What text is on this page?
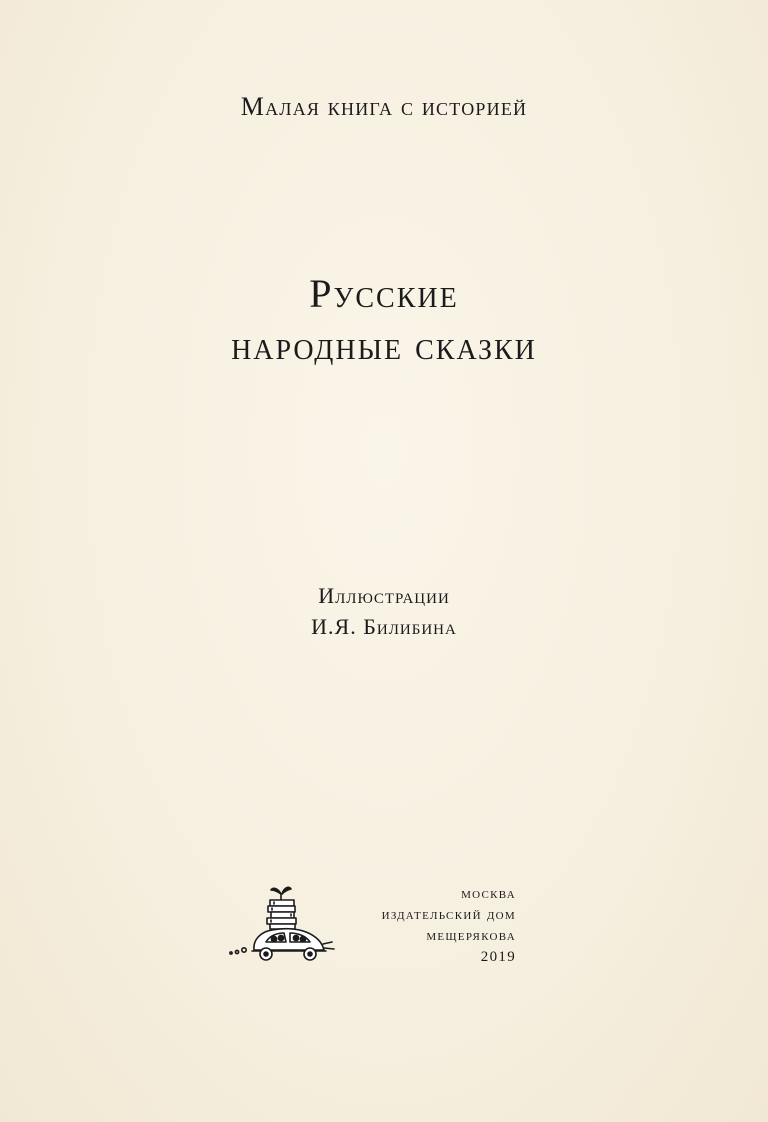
Малая книга с историей
Русские
народные сказки
Иллюстрации
И.Я. Билибина
москва
издательский дом
мещерякова
2019
